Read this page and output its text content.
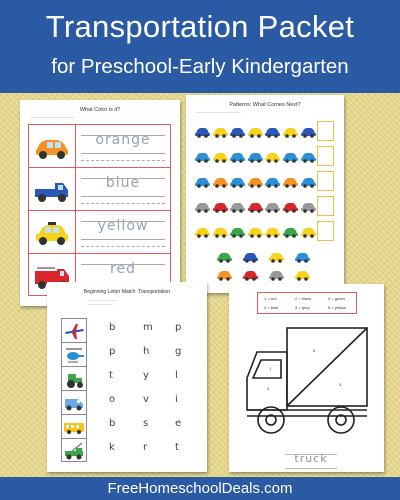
Transportation Packet
for Preschool-Early Kindergarten
What Color is it?
─────────────────────
orange
blue
yellow
red
Patterns: What Comes Next?
─────────────────────
1 = red	2 = black	3 = green
4 = blue	5 = grey	6 = yellow
6
3
4
1
2
2
truck
Beginning Letter Match: Transportation
──────────────
────────────
b	m	p
p	h	g
t	y	l
o	v	i
b	s	e
k	r	t
FreeHomeschoolDeals.com
